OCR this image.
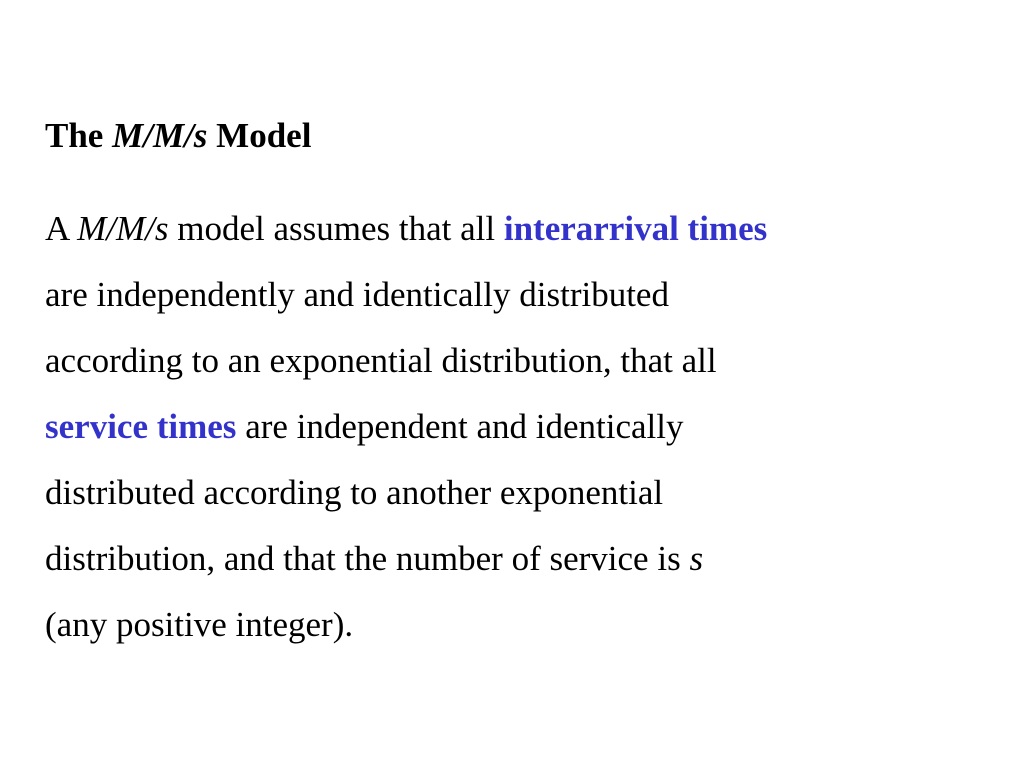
The M/M/s Model

A M/M/s model assumes that all interarrival times
are independently and identically distributed
according to an exponential distribution, that all
service times are independent and identically
distributed according to another exponential
distribution, and that the number of service is s
(any positive integer).
